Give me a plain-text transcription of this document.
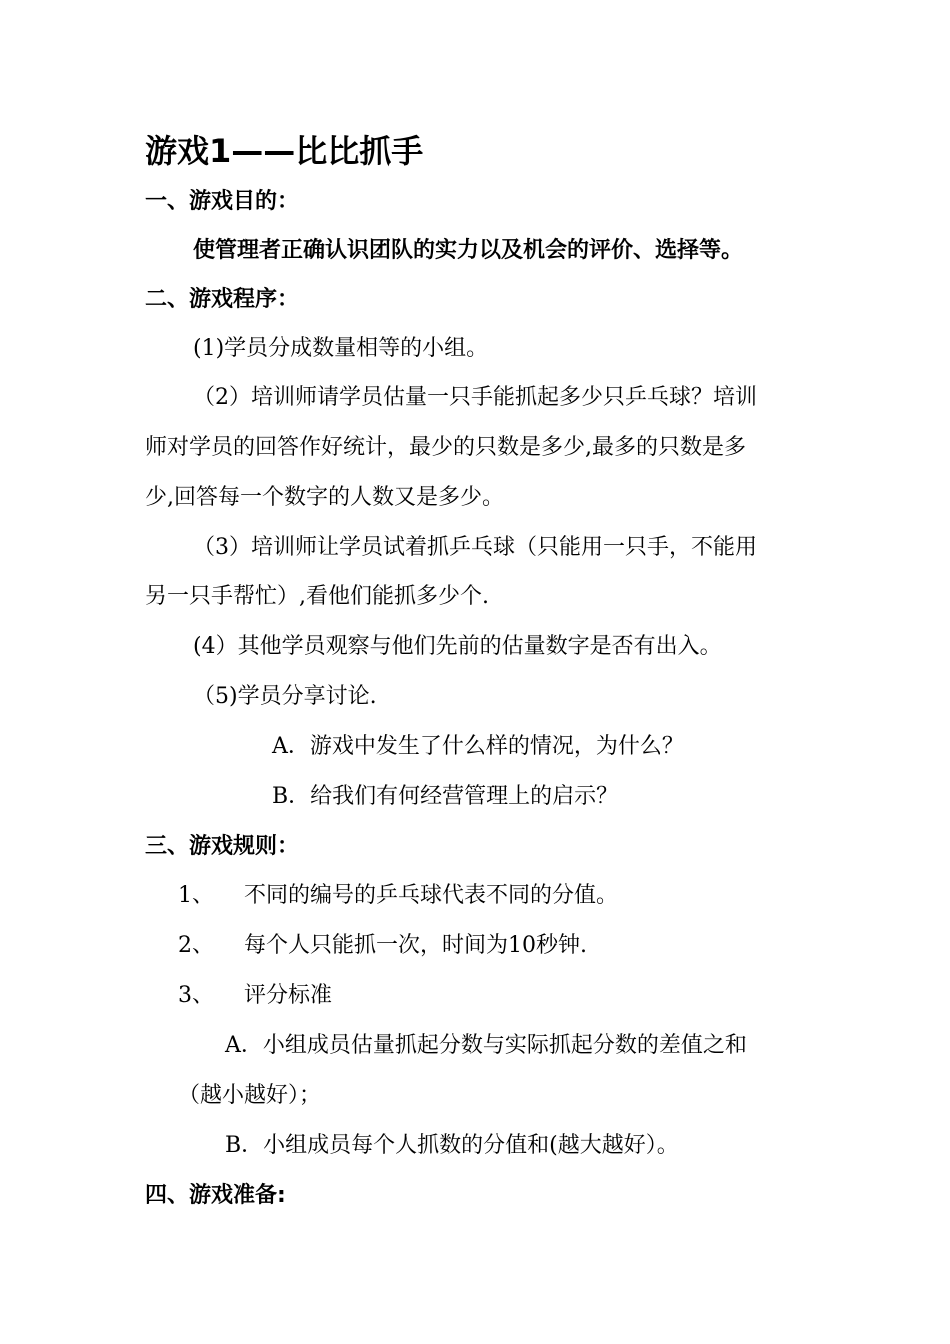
游戏1——比比抓手
一、游戏目的：
使管理者正确认识团队的实力以及机会的评价、选择等。
二、游戏程序：
(1)学员分成数量相等的小组。
（2）培训师请学员估量一只手能抓起多少只乒乓球？培训
师对学员的回答作好统计，最少的只数是多少,最多的只数是多
少,回答每一个数字的人数又是多少。
（3）培训师让学员试着抓乒乓球（只能用一只手，不能用
另一只手帮忙）,看他们能抓多少个.
(4）其他学员观察与他们先前的估量数字是否有出入。
（5)学员分享讨论.
A．游戏中发生了什么样的情况，为什么？
B．给我们有何经营管理上的启示？
三、游戏规则：
1、 不同的编号的乒乓球代表不同的分值。
2、 每个人只能抓一次，时间为10秒钟.
3、 评分标准
A．小组成员估量抓起分数与实际抓起分数的差值之和
（越小越好）；
B．小组成员每个人抓数的分值和(越大越好）。
四、游戏准备:
